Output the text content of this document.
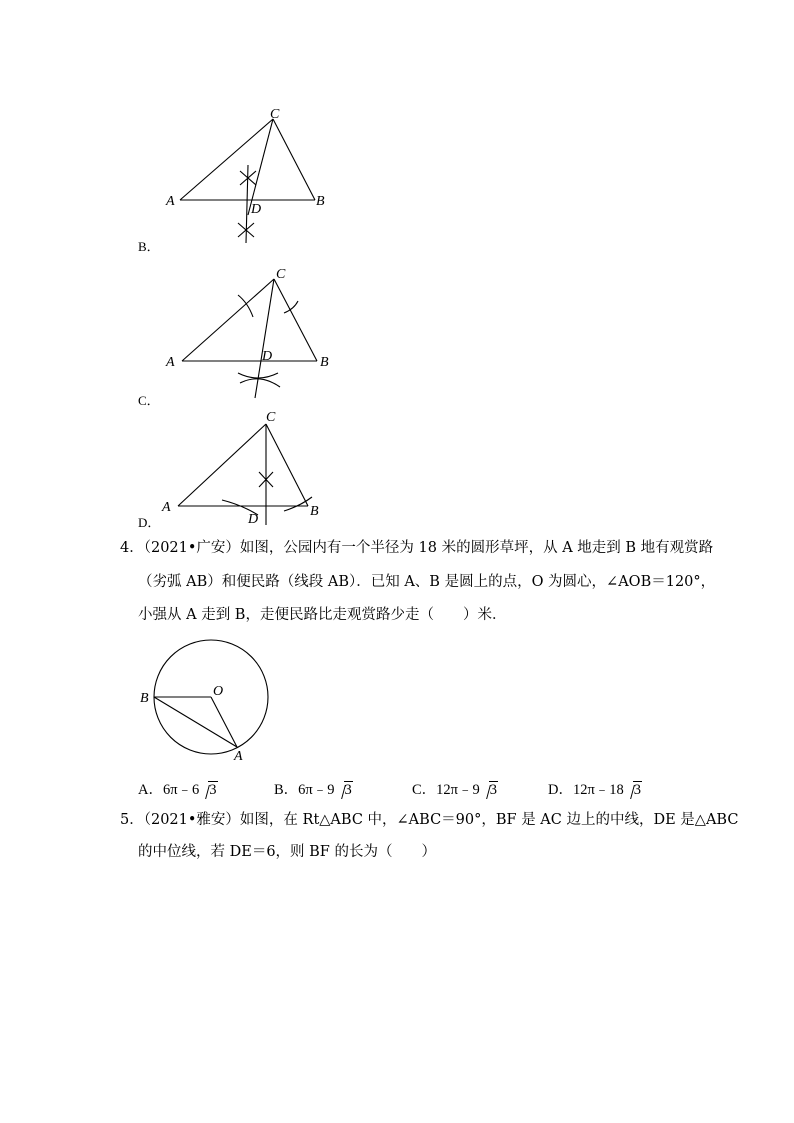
C
A	B
D
B．
C
A	B
D
C．
C
A	B
D
D．
4．（2021•广安）如图，公园内有一个半径为 18 米的圆形草坪，从 A 地走到 B 地有观赏路
（劣弧 AB）和便民路（线段 AB）．已知 A、B 是圆上的点，O 为圆心，∠AOB＝120°，
小强从 A 走到 B，走便民路比走观赏路少走（　　）米．
O
B
A
A．6π﹣6 3	B．6π﹣9 3	C．12π﹣9 3	D．12π﹣18 3
5．（2021•雅安）如图，在 Rt△ABC 中，∠ABC＝90°，BF 是 AC 边上的中线，DE 是△ABC
的中位线，若 DE＝6，则 BF 的长为（　　）
